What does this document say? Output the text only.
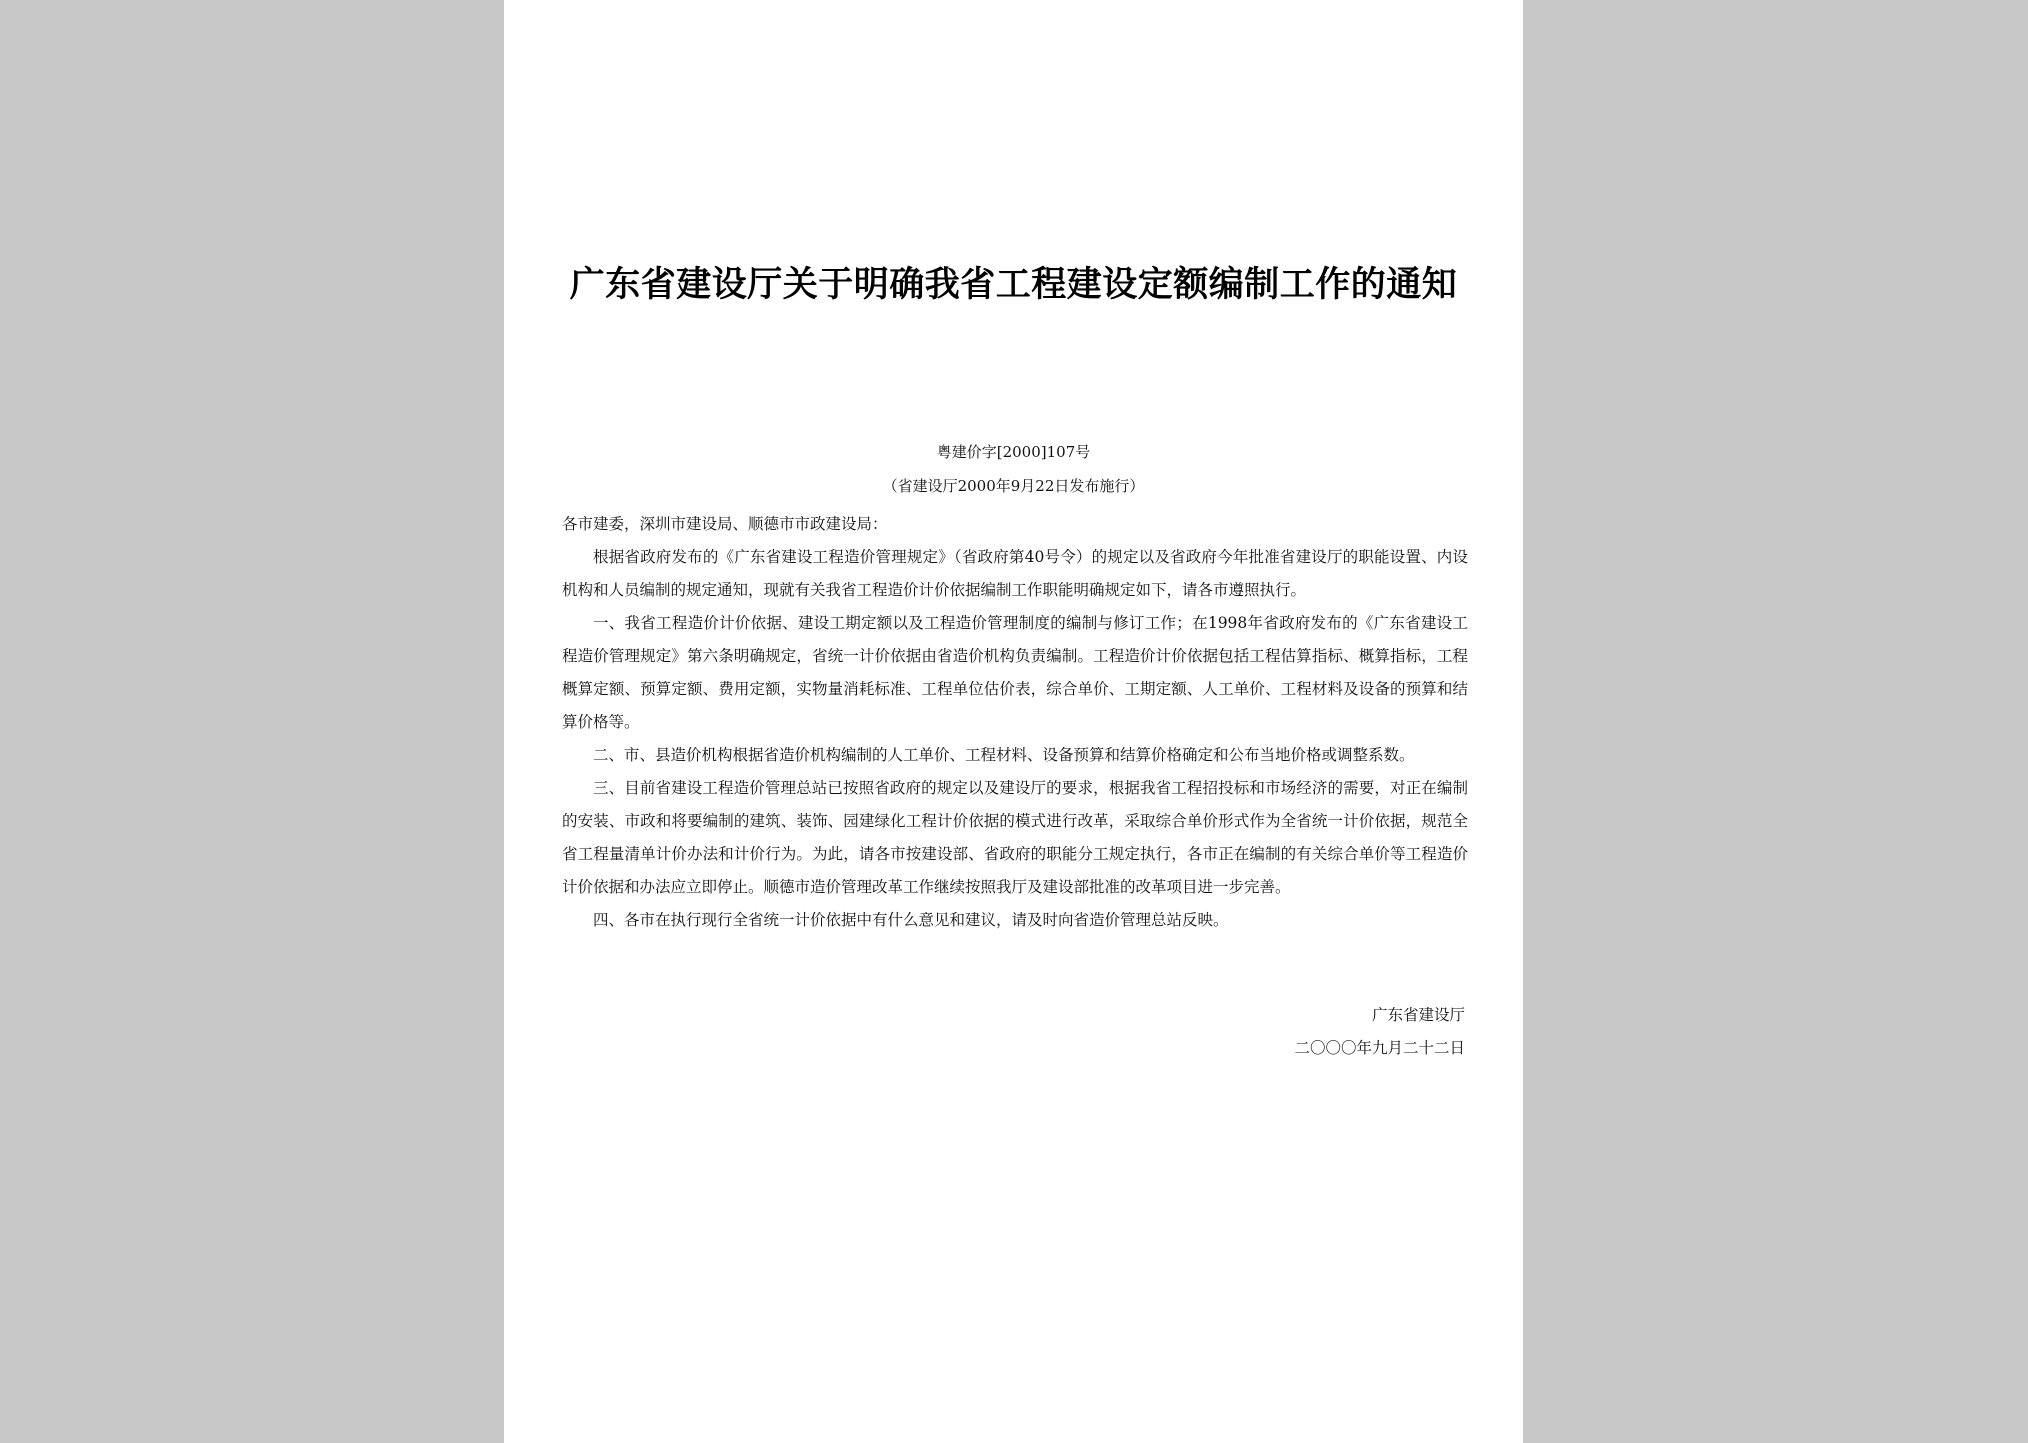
广东省建设厅关于明确我省工程建设定额编制工作的通知
粤建价字[2000]107号
（省建设厅2000年9月22日发布施行）

各市建委，深圳市建设局、顺德市市政建设局：

根据省政府发布的《广东省建设工程造价管理规定》（省政府第40号令）的规定以及省政府今年批准省建设厅的职能设置、内设机构和人员编制的规定通知，现就有关我省工程造价计价依据编制工作职能明确规定如下，请各市遵照执行。

一、我省工程造价计价依据、建设工期定额以及工程造价管理制度的编制与修订工作；在1998年省政府发布的《广东省建设工程造价管理规定》第六条明确规定，省统一计价依据由省造价机构负责编制。工程造价计价依据包括工程估算指标、概算指标，工程概算定额、预算定额、费用定额，实物量消耗标准、工程单位估价表，综合单价、工期定额、人工单价、工程材料及设备的预算和结算价格等。

二、市、县造价机构根据省造价机构编制的人工单价、工程材料、设备预算和结算价格确定和公布当地价格或调整系数。

三、目前省建设工程造价管理总站已按照省政府的规定以及建设厅的要求，根据我省工程招投标和市场经济的需要，对正在编制的安装、市政和将要编制的建筑、装饰、园建绿化工程计价依据的模式进行改革，采取综合单价形式作为全省统一计价依据，规范全省工程量清单计价办法和计价行为。为此，请各市按建设部、省政府的职能分工规定执行，各市正在编制的有关综合单价等工程造价计价依据和办法应立即停止。顺德市造价管理改革工作继续按照我厅及建设部批准的改革项目进一步完善。

四、各市在执行现行全省统一计价依据中有什么意见和建议，请及时向省造价管理总站反映。

广东省建设厅
二〇〇〇年九月二十二日
